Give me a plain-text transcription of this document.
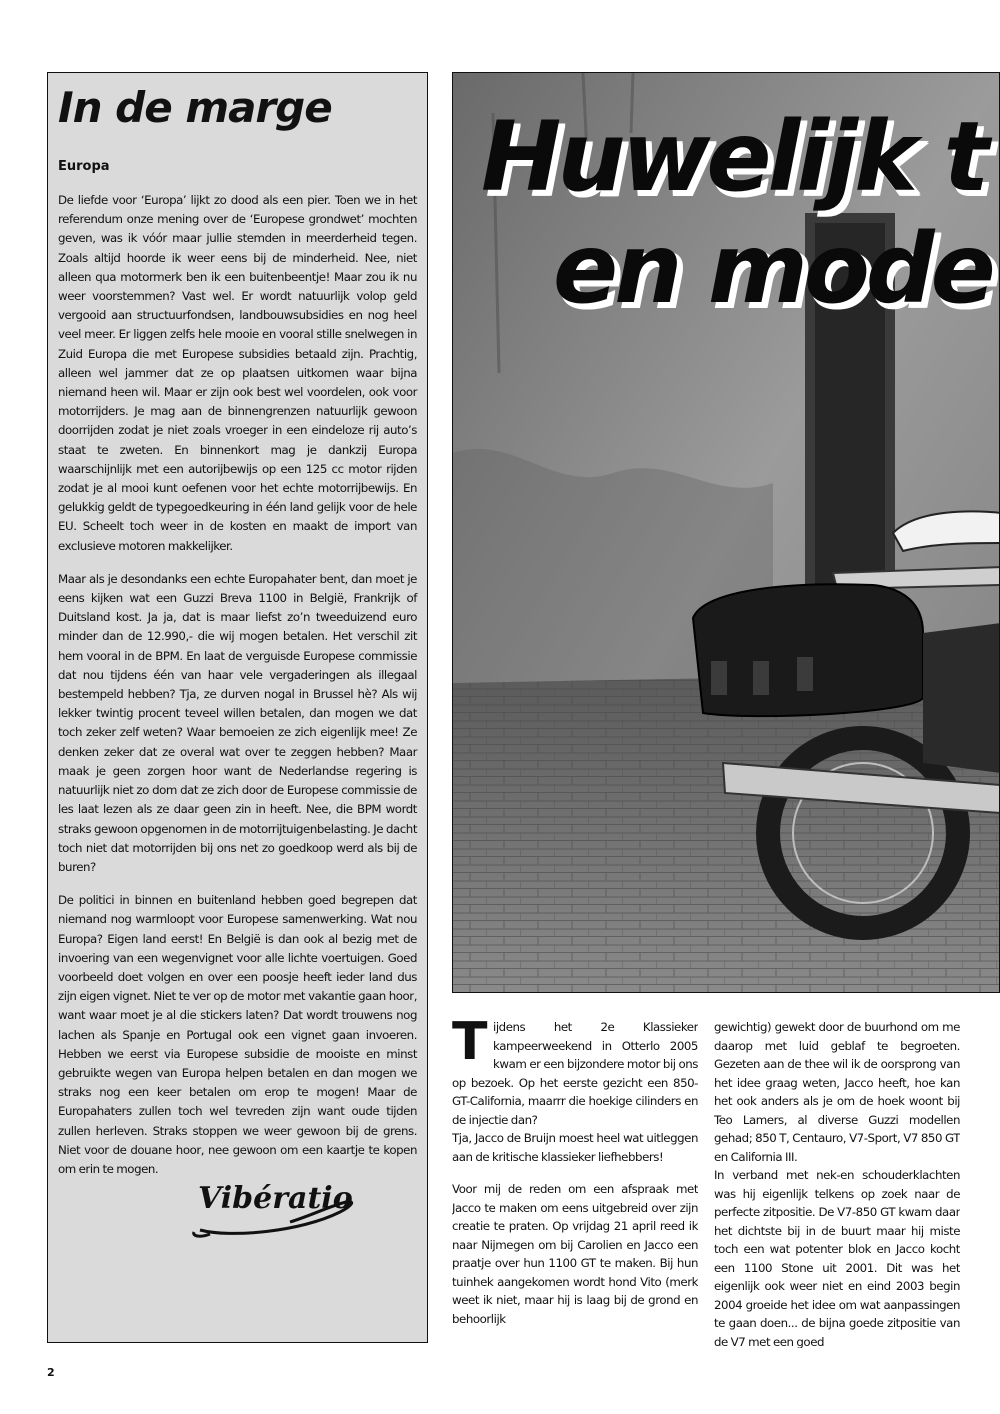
In de marge
Europa

De liefde voor ‘Europa’ lijkt zo dood als een pier. Toen we in het referendum onze mening over de ‘Europese grondwet’ mochten geven, was ik vóór maar jullie stemden in meerderheid tegen. Zoals altijd hoorde ik weer eens bij de minderheid. Nee, niet alleen qua motormerk ben ik een buitenbeentje! Maar zou ik nu weer voorstemmen? Vast wel. Er wordt natuurlijk volop geld vergooid aan structuurfondsen, landbouwsubsidies en nog heel veel meer. Er liggen zelfs hele mooie en vooral stille snelwegen in Zuid Europa die met Europese subsidies betaald zijn. Prachtig, alleen wel jammer dat ze op plaatsen uitkomen waar bijna niemand heen wil. Maar er zijn ook best wel voordelen, ook voor motorrijders. Je mag aan de binnengrenzen natuurlijk gewoon doorrijden zodat je niet zoals vroeger in een eindeloze rij auto’s staat te zweten. En binnenkort mag je dankzij Europa waarschijnlijk met een autorijbewijs op een 125 cc motor rijden zodat je al mooi kunt oefenen voor het echte motorrijbewijs. En gelukkig geldt de typegoedkeuring in één land gelijk voor de hele EU. Scheelt toch weer in de kosten en maakt de import van exclusieve motoren makkelijker.

Maar als je desondanks een echte Europahater bent, dan moet je eens kijken wat een Guzzi Breva 1100 in België, Frankrijk of Duitsland kost. Ja ja, dat is maar liefst zo’n tweeduizend euro minder dan de 12.990,- die wij mogen betalen. Het verschil zit hem vooral in de BPM. En laat de verguisde Europese commissie dat nou tijdens één van haar vele vergaderingen als illegaal bestempeld hebben? Tja, ze durven nogal in Brussel hè? Als wij lekker twintig procent teveel willen betalen, dan mogen we dat toch zeker zelf weten? Waar bemoeien ze zich eigenlijk mee! Ze denken zeker dat ze overal wat over te zeggen hebben? Maar maak je geen zorgen hoor want de Nederlandse regering is natuurlijk niet zo dom dat ze zich door de Europese commissie de les laat lezen als ze daar geen zin in heeft. Nee, die BPM wordt straks gewoon opgenomen in de motorrijtuigenbelasting. Je dacht toch niet dat motorrijden bij ons net zo goedkoop werd als bij de buren?

De politici in binnen en buitenland hebben goed begrepen dat niemand nog warmloopt voor Europese samenwerking. Wat nou Europa? Eigen land eerst! En België is dan ook al bezig met de invoering van een wegenvignet voor alle lichte voertuigen. Goed voorbeeld doet volgen en over een poosje heeft ieder land dus zijn eigen vignet. Niet te ver op de motor met vakantie gaan hoor, want waar moet je al die stickers laten? Dat wordt trouwens nog lachen als Spanje en Portugal ook een vignet gaan invoeren. Hebben we eerst via Europese subsidie de mooiste en minst gebruikte wegen van Europa helpen betalen en dan mogen we straks nog een keer betalen om erop te mogen! Maar de Europahaters zullen toch wel tevreden zijn want oude tijden zullen herleven. Straks stoppen we weer gewoon bij de grens. Niet voor de douane hoor, nee gewoon om een kaartje te kopen om erin te mogen.

Vibératio
Huwelijk t
en mode

Tijdens het 2e Klassieker kampeerweekend in Otterlo 2005 kwam er een bijzondere motor bij ons op bezoek. Op het eerste gezicht een 850-GT-California, maarrr die hoekige cilinders en de injectie dan?

Tja, Jacco de Bruijn moest heel wat uitleggen aan de kritische klassieker liefhebbers!

Voor mij de reden om een afspraak met Jacco te maken om eens uitgebreid over zijn creatie te praten. Op vrijdag 21 april reed ik naar Nijmegen om bij Carolien en Jacco een praatje over hun 1100 GT te maken. Bij hun tuinhek aangekomen wordt hond Vito (merk weet ik niet, maar hij is laag bij de grond en behoorlijk

gewichtig) gewekt door de buurhond om me daarop met luid geblaf te begroeten. Gezeten aan de thee wil ik de oorsprong van het idee graag weten, Jacco heeft, hoe kan het ook anders als je om de hoek woont bij Teo Lamers, al diverse Guzzi modellen gehad; 850 T, Centauro, V7-Sport, V7 850 GT en California III.

In verband met nek-en schouderklachten was hij eigenlijk telkens op zoek naar de perfecte zitpositie. De V7-850 GT kwam daar het dichtste bij in de buurt maar hij miste toch een wat potenter blok en Jacco kocht een 1100 Stone uit 2001. Dit was het eigenlijk ook weer niet en eind 2003 begin 2004 groeide het idee om wat aanpassingen te gaan doen... de bijna goede zitpositie van de V7 met een goed

2
